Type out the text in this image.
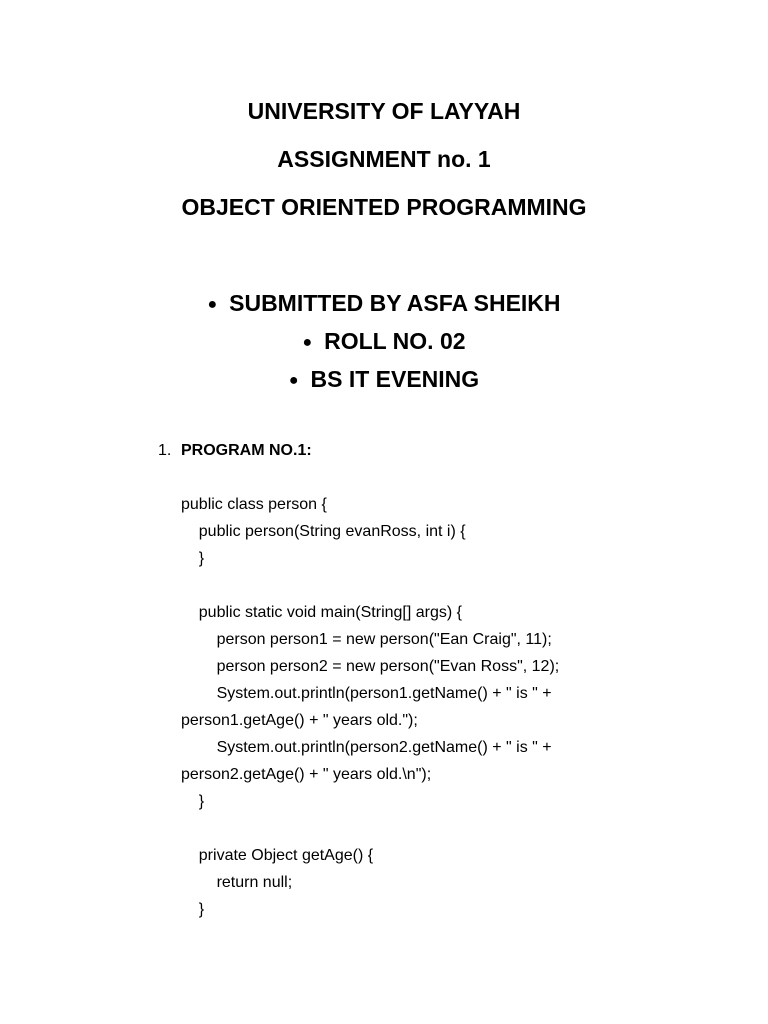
UNIVERSITY OF LAYYAH
ASSIGNMENT no. 1
OBJECT ORIENTED PROGRAMMING
● SUBMITTED BY ASFA SHEIKH
● ROLL NO. 02
● BS IT EVENING
1. PROGRAM NO.1:
public class person {
public person(String evanRoss, int i) {
}
public static void main(String[] args) {
person person1 = new person("Ean Craig", 11);
person person2 = new person("Evan Ross", 12);
System.out.println(person1.getName() + " is " +
person1.getAge() + " years old.");
System.out.println(person2.getName() + " is " +
person2.getAge() + " years old.\n");
}
private Object getAge() {
return null;
}
